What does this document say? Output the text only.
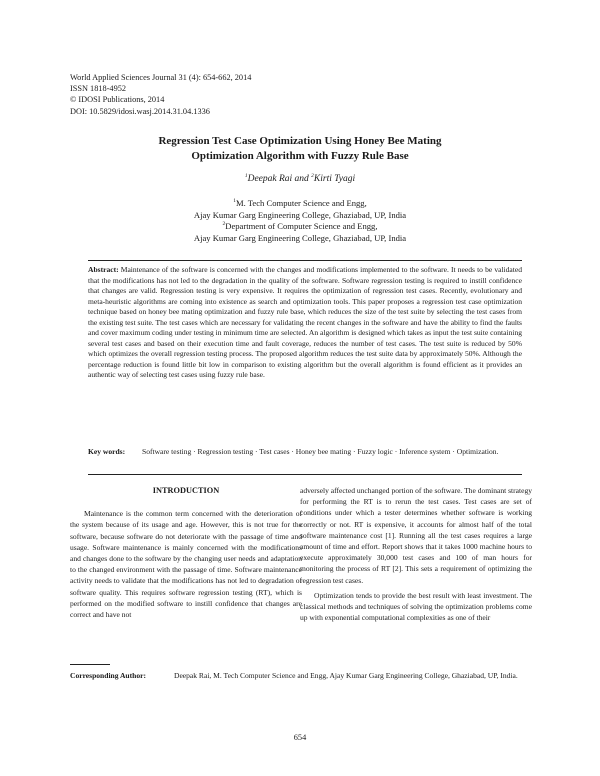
World Applied Sciences Journal 31 (4): 654-662, 2014
ISSN 1818-4952
© IDOSI Publications, 2014
DOI: 10.5829/idosi.wasj.2014.31.04.1336
Regression Test Case Optimization Using Honey Bee Mating
Optimization Algorithm with Fuzzy Rule Base
$^1$Deepak Rai and $^2$Kirti Tyagi
$^1$M. Tech Computer Science and Engg,
Ajay Kumar Garg Engineering College, Ghaziabad, UP, India
$^2$Department of Computer Science and Engg,
Ajay Kumar Garg Engineering College, Ghaziabad, UP, India
Abstract: Maintenance of the software is concerned with the changes and modifications implemented to the software. It needs to be validated that the modifications has not led to the degradation in the quality of the software. Software regression testing is required to instill confidence that changes are valid. Regression testing is very expensive. It requires the optimization of regression test cases. Recently, evolutionary and meta-heuristic algorithms are coming into existence as search and optimization tools. This paper proposes a regression test case optimization technique based on honey bee mating optimization and fuzzy rule base, which reduces the size of the test suite by selecting the test cases from the existing test suite. The test cases which are necessary for validating the recent changes in the software and have the ability to find the faults and cover maximum coding under testing in minimum time are selected. An algorithm is designed which takes as input the test suite containing several test cases and based on their execution time and fault coverage, reduces the number of test cases. The test suite is reduced by 50% which optimizes the overall regression testing process. The proposed algorithm reduces the test suite data by approximately 50%. Although the percentage reduction is found little bit low in comparison to existing algorithm but the overall algorithm is found efficient as it provides an authentic way of selecting test cases using fuzzy rule base.
Key words: Software testing · Regression testing · Test cases · Honey bee mating · Fuzzy logic · Inference system · Optimization.
INTRODUCTION

Maintenance is the common term concerned with the deterioration of the system because of its usage and age. However, this is not true for the software, because software do not deteriorate with the passage of time and usage. Software maintenance is mainly concerned with the modifications and changes done to the software by the changing user needs and adaptation to the changed environment with the passage of time. Software maintenance activity needs to validate that the modifications has not led to degradation of software quality. This requires software regression testing (RT), which is performed on the modified software to instill confidence that changes are correct and have not

adversely affected unchanged portion of the software. The dominant strategy for performing the RT is to rerun the test cases. Test cases are set of conditions under which a tester determines whether software is working correctly or not. RT is expensive, it accounts for almost half of the total software maintenance cost [1]. Running all the test cases requires a large amount of time and effort. Report shows that it takes 1000 machine hours to execute approximately 30,000 test cases and 100 of man hours for monitoring the process of RT [2]. This sets a requirement of optimizing the regression test cases.

Optimization tends to provide the best result with least investment. The classical methods and techniques of solving the optimization problems come up with exponential computational complexities as one of their

Corresponding Author:	Deepak Rai, M. Tech Computer Science and Engg, Ajay Kumar Garg Engineering College, Ghaziabad, UP, India.
654
